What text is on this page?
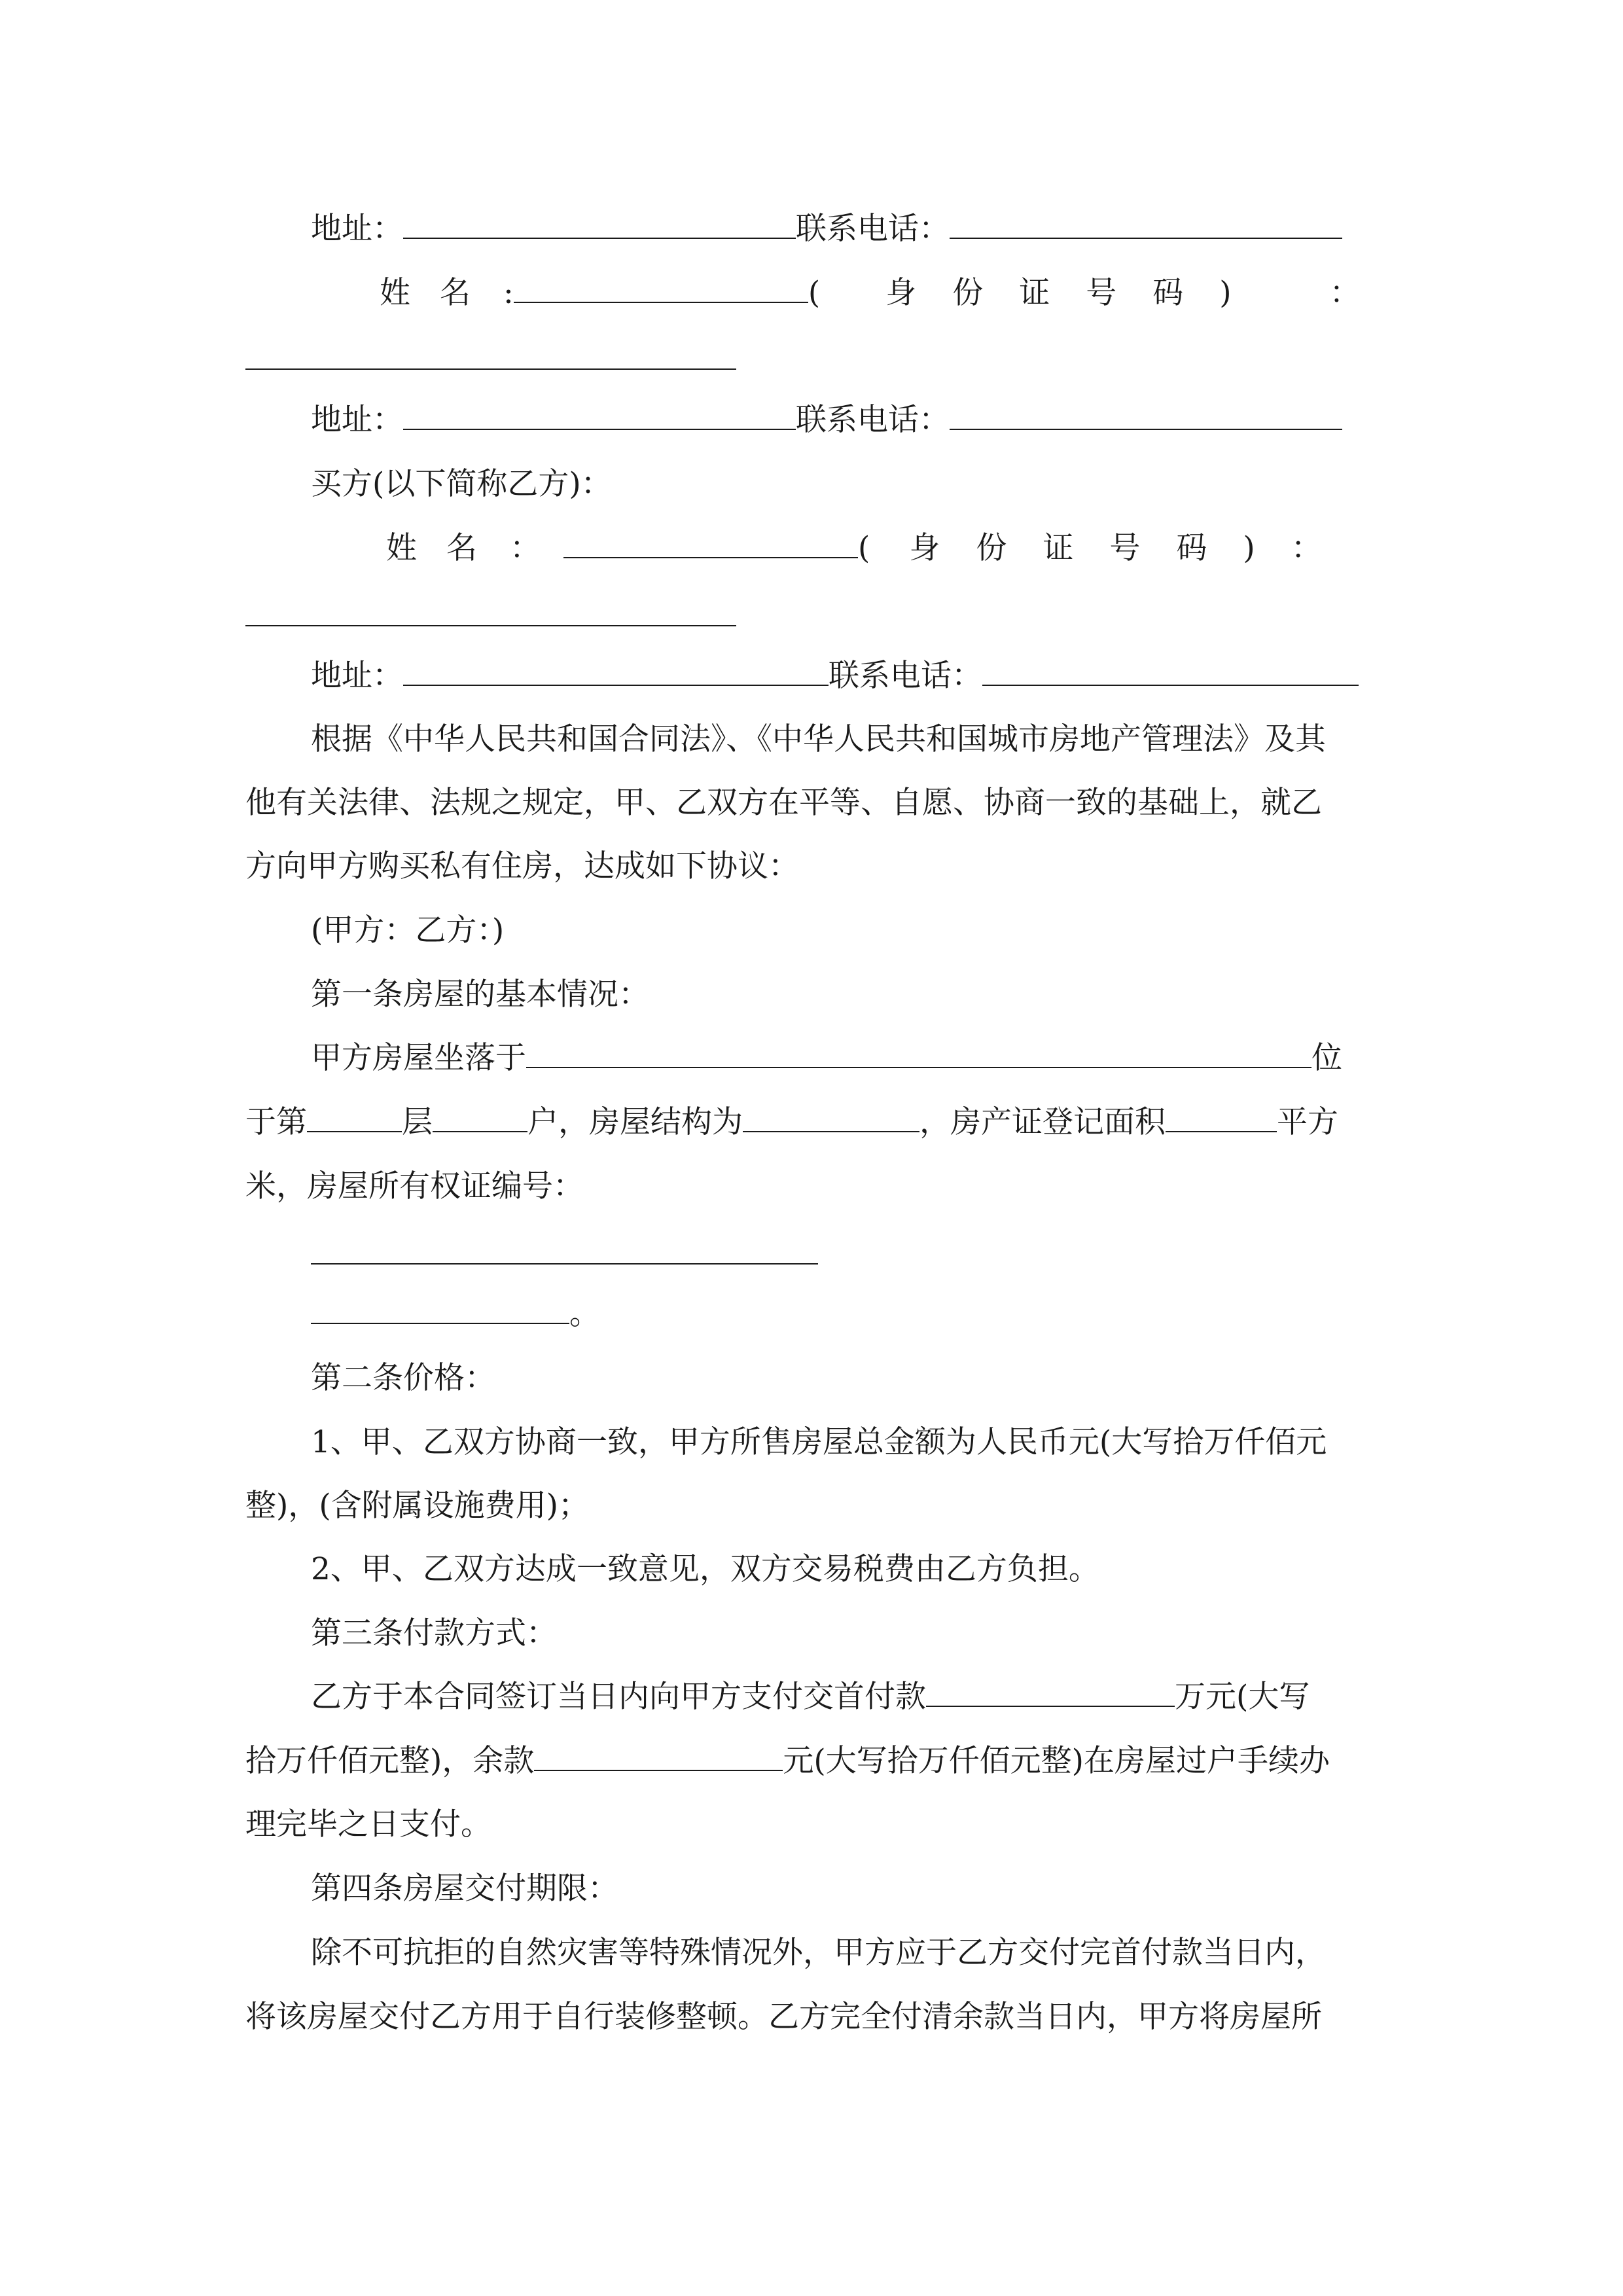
地址：	联系电话：
姓 名 :	( 身 份 证 号 码 )	：
地址：	联系电话：
买方(以下简称乙方)：
姓 名 ：	( 身 份 证 号 码 ) ：
地址：	联系电话：
根据《中华人民共和国合同法》、《中华人民共和国城市房地产管理法》及其
他有关法律、法规之规定，甲、乙双方在平等、自愿、协商一致的基础上，就乙
方向甲方购买私有住房，达成如下协议：
(甲方：乙方：)
第一条房屋的基本情况：
甲方房屋坐落于	位
于第	层	户，房屋结构为	，房产证登记面积	平方
米，房屋所有权证编号：
。
第二条价格：
1、甲、乙双方协商一致，甲方所售房屋总金额为人民币元(大写拾万仟佰元
整)，(含附属设施费用)；
2、甲、乙双方达成一致意见，双方交易税费由乙方负担。
第三条付款方式：
乙方于本合同签订当日内向甲方支付交首付款	万元(大写
拾万仟佰元整)，余款	元(大写拾万仟佰元整)在房屋过户手续办
理完毕之日支付。
第四条房屋交付期限：
除不可抗拒的自然灾害等特殊情况外，甲方应于乙方交付完首付款当日内，
将该房屋交付乙方用于自行装修整顿。乙方完全付清余款当日内，甲方将房屋所
